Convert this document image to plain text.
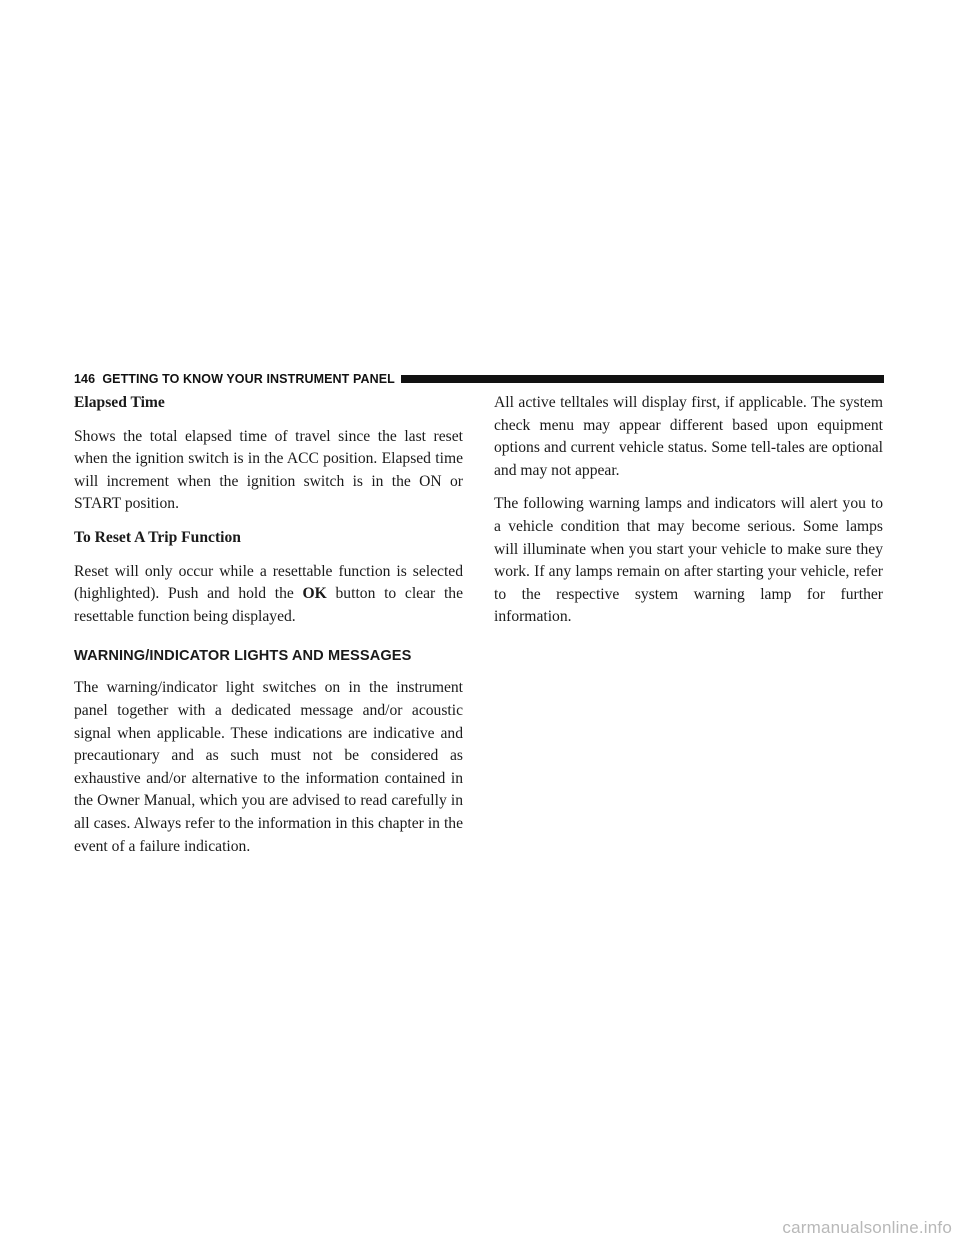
146 GETTING TO KNOW YOUR INSTRUMENT PANEL
Elapsed Time

Shows the total elapsed time of travel since the last reset when the ignition switch is in the ACC position. Elapsed time will increment when the ignition switch is in the ON or START position.

To Reset A Trip Function

Reset will only occur while a resettable function is selected (highlighted). Push and hold the OK button to clear the resettable function being displayed.

WARNING/INDICATOR LIGHTS AND MESSAGES

The warning/indicator light switches on in the instrument panel together with a dedicated message and/or acoustic signal when applicable. These indications are indicative and precautionary and as such must not be considered as exhaustive and/or alternative to the information contained in the Owner Manual, which you are advised to read carefully in all cases. Always refer to the information in this chapter in the event of a failure indication.

All active telltales will display first, if applicable. The system check menu may appear different based upon equipment options and current vehicle status. Some tell-tales are optional and may not appear.

The following warning lamps and indicators will alert you to a vehicle condition that may become serious. Some lamps will illuminate when you start your vehicle to make sure they work. If any lamps remain on after starting your vehicle, refer to the respective system warning lamp for further information.

carmanualsonline.info
